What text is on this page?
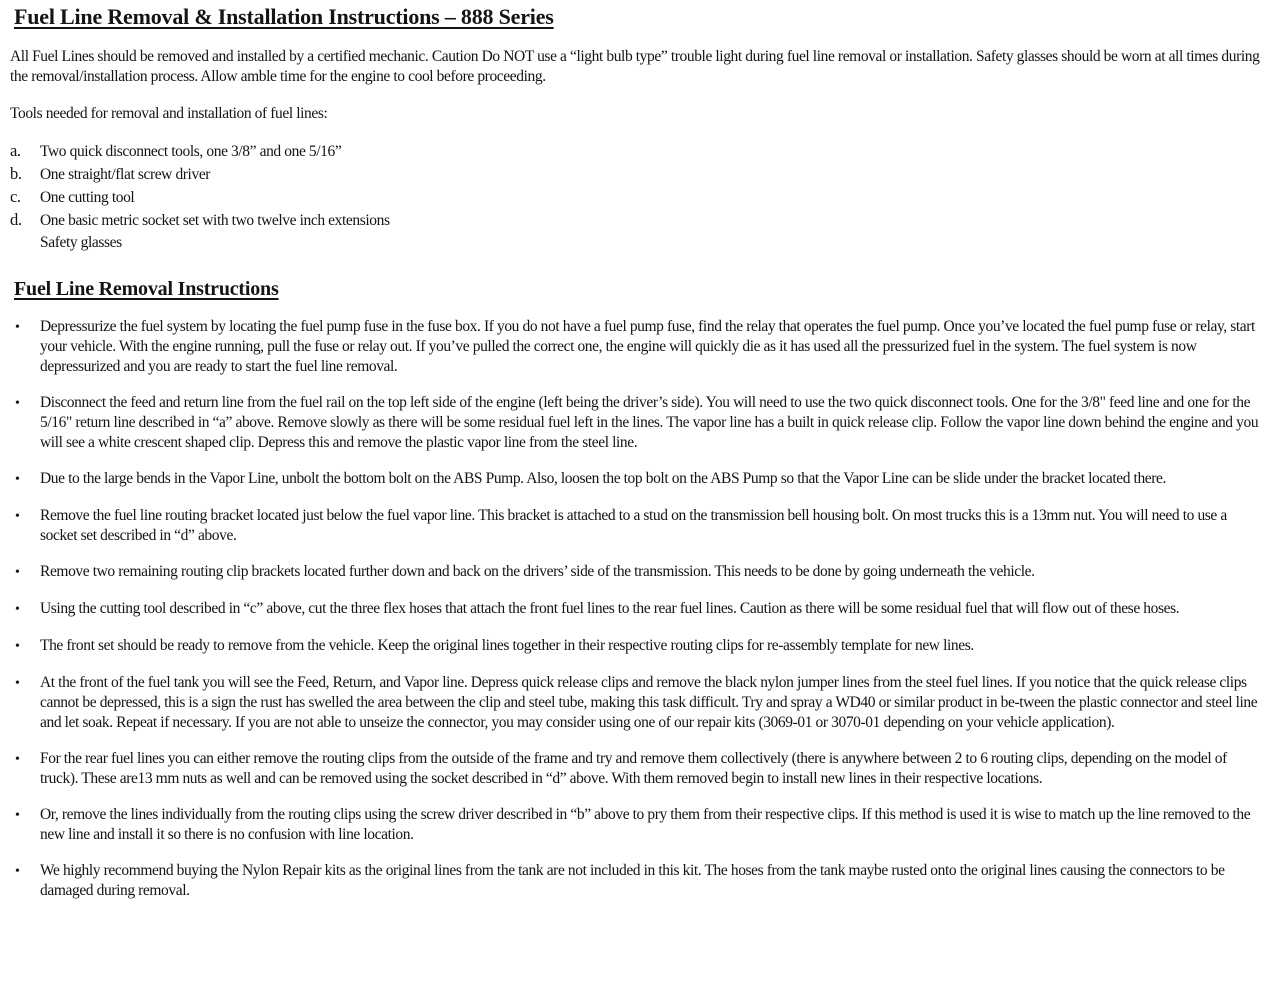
Fuel Line Removal & Installation Instructions – 888 Series

All Fuel Lines should be removed and installed by a certified mechanic. Caution Do NOT use a “light bulb type” trouble light during fuel line removal or installation. Safety glasses should be worn at all times during the removal/installation process. Allow amble time for the engine to cool before proceeding.

Tools needed for removal and installation of fuel lines:

a.	Two quick disconnect tools, one 3/8” and one 5/16”
b.	One straight/flat screw driver
c.	One cutting tool
d.	One basic metric socket set with two twelve inch extensions
Safety glasses
Fuel Line Removal Instructions
•	Depressurize the fuel system by locating the fuel pump fuse in the fuse box. If you do not have a fuel pump fuse, find the relay that operates the fuel pump. Once you’ve located the fuel pump fuse or relay, start your vehicle. With the engine running, pull the fuse or relay out. If you’ve pulled the correct one, the engine will quickly die as it has used all the pressurized fuel in the system. The fuel system is now depressurized and you are ready to start the fuel line removal.
•	Disconnect the feed and return line from the fuel rail on the top left side of the engine (left being the driver’s side). You will need to use the two quick disconnect tools. One for the 3/8" feed line and one for the 5/16" return line described in “a” above. Remove slowly as there will be some residual fuel left in the lines. The vapor line has a built in quick release clip. Follow the vapor line down behind the engine and you will see a white crescent shaped clip. Depress this and remove the plastic vapor line from the steel line.
•	Due to the large bends in the Vapor Line, unbolt the bottom bolt on the ABS Pump. Also, loosen the top bolt on the ABS Pump so that the Vapor Line can be slide under the bracket located there.
•	Remove the fuel line routing bracket located just below the fuel vapor line. This bracket is attached to a stud on the transmission bell housing bolt. On most trucks this is a 13mm nut. You will need to use a socket set described in “d” above.
•	Remove two remaining routing clip brackets located further down and back on the drivers’ side of the transmission. This needs to be done by going underneath the vehicle.
•	Using the cutting tool described in “c” above, cut the three flex hoses that attach the front fuel lines to the rear fuel lines. Caution as there will be some residual fuel that will flow out of these hoses.
•	The front set should be ready to remove from the vehicle. Keep the original lines together in their respective routing clips for re-assembly template for new lines.
•	At the front of the fuel tank you will see the Feed, Return, and Vapor line. Depress quick release clips and remove the black nylon jumper lines from the steel fuel lines. If you notice that the quick release clips cannot be depressed, this is a sign the rust has swelled the area between the clip and steel tube, making this task difficult. Try and spray a WD40 or similar product in be-tween the plastic connector and steel line and let soak. Repeat if necessary. If you are not able to unseize the connector, you may consider using one of our repair kits (3069-01 or 3070-01 depending on your vehicle application).
•	For the rear fuel lines you can either remove the routing clips from the outside of the frame and try and remove them collectively (there is anywhere between 2 to 6 routing clips, depending on the model of truck). These are13 mm nuts as well and can be removed using the socket described in “d” above. With them removed begin to install new lines in their respective locations.
•	Or, remove the lines individually from the routing clips using the screw driver described in “b” above to pry them from their respective clips. If this method is used it is wise to match up the line removed to the new line and install it so there is no confusion with line location.
•	We highly recommend buying the Nylon Repair kits as the original lines from the tank are not included in this kit. The hoses from the tank maybe rusted onto the original lines causing the connectors to be damaged during removal.
